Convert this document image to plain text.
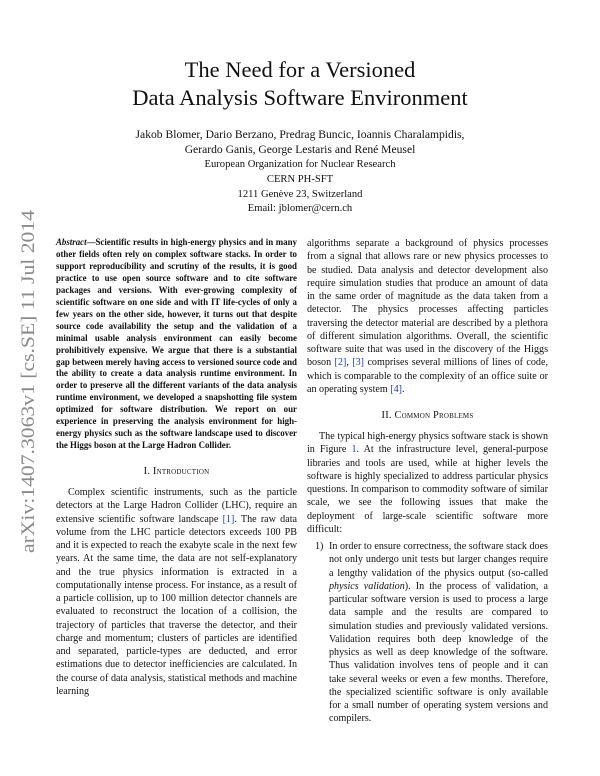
arXiv:1407.3063v1 [cs.SE] 11 Jul 2014
The Need for a Versioned
Data Analysis Software Environment
Jakob Blomer, Dario Berzano, Predrag Buncic, Ioannis Charalampidis,
Gerardo Ganis, George Lestaris and René Meusel
European Organization for Nuclear Research
CERN PH-SFT
1211 Genève 23, Switzerland
Email: jblomer@cern.ch

Abstract—Scientific results in high-energy physics and in many other fields often rely on complex software stacks. In order to support reproducibility and scrutiny of the results, it is good practice to use open source software and to cite software packages and versions. With ever-growing complexity of scientific software on one side and with IT life-cycles of only a few years on the other side, however, it turns out that despite source code availability the setup and the validation of a minimal usable analysis environment can easily become prohibitively expensive. We argue that there is a substantial gap between merely having access to versioned source code and the ability to create a data analysis runtime environment. In order to preserve all the different variants of the data analysis runtime environment, we developed a snapshotting file system optimized for software distribution. We report on our experience in preserving the analysis environment for high-energy physics such as the software landscape used to discover the Higgs boson at the Large Hadron Collider.

I. Introduction

Complex scientific instruments, such as the particle detectors at the Large Hadron Collider (LHC), require an extensive scientific software landscape [1]. The raw data volume from the LHC particle detectors exceeds 100 PB and it is expected to reach the exabyte scale in the next few years. At the same time, the data are not self-explanatory and the true physics information is extracted in a computationally intense process. For instance, as a result of a particle collision, up to 100 million detector channels are evaluated to reconstruct the location of a collision, the trajectory of particles that traverse the detector, and their charge and momentum; clusters of particles are identified and separated, particle-types are deducted, and error estimations due to detector inefficiencies are calculated. In the course of data analysis, statistical methods and machine learning

algorithms separate a background of physics processes from a signal that allows rare or new physics processes to be studied. Data analysis and detector development also require simulation studies that produce an amount of data in the same order of magnitude as the data taken from a detector. The physics processes affecting particles traversing the detector material are described by a plethora of different simulation algorithms. Overall, the scientific software suite that was used in the discovery of the Higgs boson [2], [3] comprises several millions of lines of code, which is comparable to the complexity of an office suite or an operating system [4].

II. Common Problems

The typical high-energy physics software stack is shown in Figure 1. At the infrastructure level, general-purpose libraries and tools are used, while at higher levels the software is highly specialized to address particular physics questions. In comparison to commodity software of similar scale, we see the following issues that make the deployment of large-scale scientific software more difficult:

1) In order to ensure correctness, the software stack does not only undergo unit tests but larger changes require a lengthy validation of the physics output (so-called physics validation). In the process of validation, a particular software version is used to process a large data sample and the results are compared to simulation studies and previously validated versions. Validation requires both deep knowledge of the physics as well as deep knowledge of the software. Thus validation involves tens of people and it can take several weeks or even a few months. Therefore, the specialized scientific software is only available for a small number of operating system versions and compilers.
